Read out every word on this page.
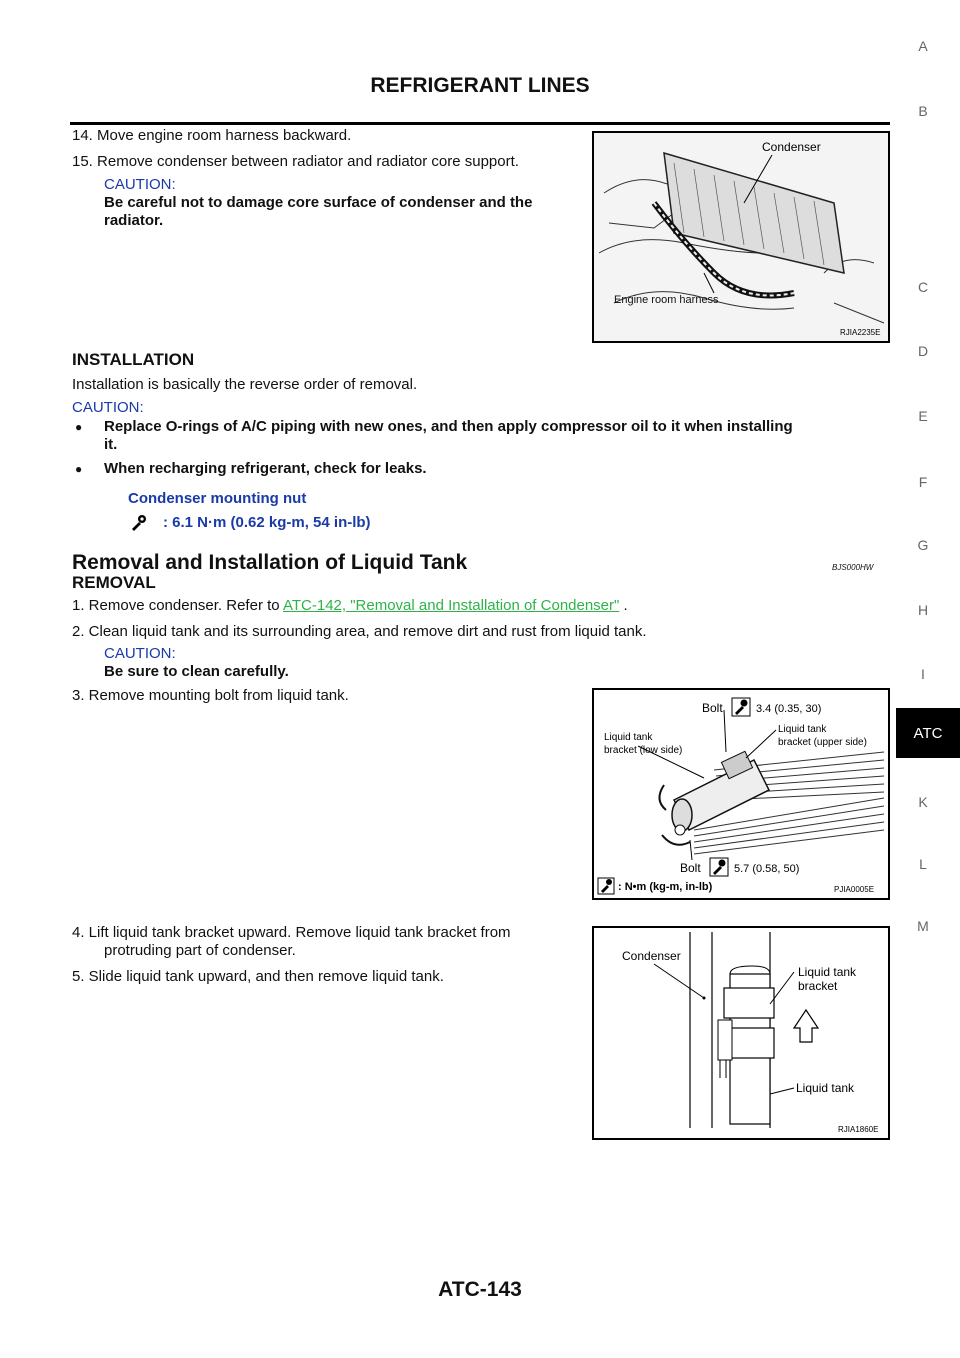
REFRIGERANT LINES
A
B
C
D
E
F
G
H
I
ATC
K
L
M
14. Move engine room harness backward.
15. Remove condenser between radiator and radiator core support.
CAUTION:
Be careful not to damage core surface of condenser and the
radiator.
Condenser
Engine room harness
RJIA2235E
INSTALLATION
Installation is basically the reverse order of removal.
CAUTION:
● Replace O-rings of A/C piping with new ones, and then apply compressor oil to it when installing
it.
● When recharging refrigerant, check for leaks.
Condenser mounting nut
: 6.1 N·m (0.62 kg-m, 54 in-lb)
Removal and Installation of Liquid Tank	BJS000HW
REMOVAL
1. Remove condenser. Refer to ATC-142, "Removal and Installation of Condenser" .
2. Clean liquid tank and its surrounding area, and remove dirt and rust from liquid tank.
CAUTION:
Be sure to clean carefully.
3. Remove mounting bolt from liquid tank.
Bolt	3.4 (0.35, 30)
Liquid tank
bracket (low side)
Liquid tank
bracket (upper side)
Bolt	5.7 (0.58, 50)
: N•m (kg-m, in-lb)	PJIA0005E
4. Lift liquid tank bracket upward. Remove liquid tank bracket from
protruding part of condenser.
5. Slide liquid tank upward, and then remove liquid tank.
Condenser
Liquid tank
bracket
Liquid tank
RJIA1860E
ATC-143
